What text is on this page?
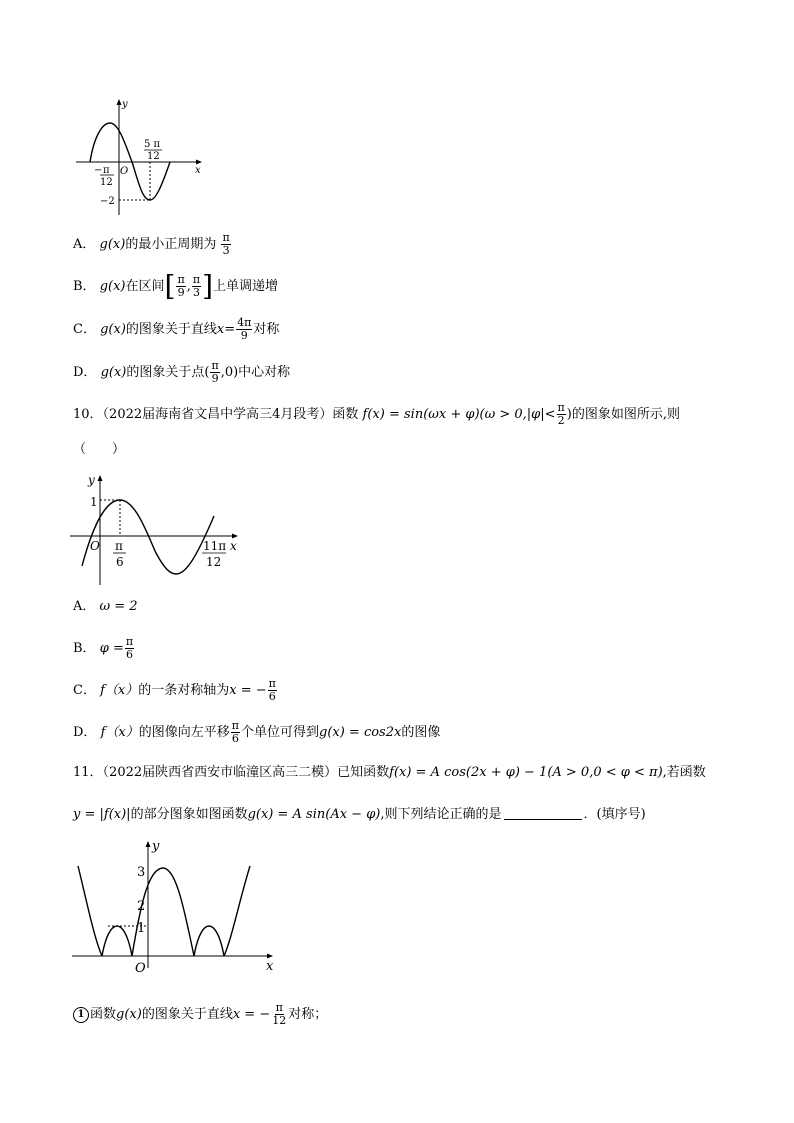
y
x
O
− π
12
5 π
12
−2
A． g(x)的最小正周期为 $\frac{\pi}{3}$
B． g(x)在区间[ $\frac{\pi}{9}$ , $\frac{\pi}{3}$ ]上单调递增
C． g(x)的图象关于直线$x= \frac{4\pi}{9}$ 对称
D． g(x)的图象关于点( $\frac{\pi}{9} ,0$)中心对称
10．（2022届海南省文昌中学高三4月段考）函数 $f(x) = \sin(\omega x + \varphi)(\omega > 0,|\varphi|< \frac{\pi}{2}$ )的图象如图所示,则
（　　）
y
x
O
1
π
6
11π
12
A． ω = 2
B． $\varphi = \frac{\pi}{6}$
C． f（x）的一条对称轴为x = − $\frac{\pi}{6}$
D． f（x）的图像向左平移 $\frac{\pi}{6}$ 个单位可得到g(x) = cos2x的图像
11．（2022届陕西省西安市临潼区高三二模）已知函数f(x) = A cos(2x + φ) − 1(A > 0,0 < φ < π),若函数
y = |f(x)|的部分图象如图函数g(x) = A sin(Ax − φ),则下列结论正确的是	．(填序号)
y
x
O
3
2
1
1 函数g(x)的图象关于直线x = − $\frac{\pi}{12}$ 对称；
